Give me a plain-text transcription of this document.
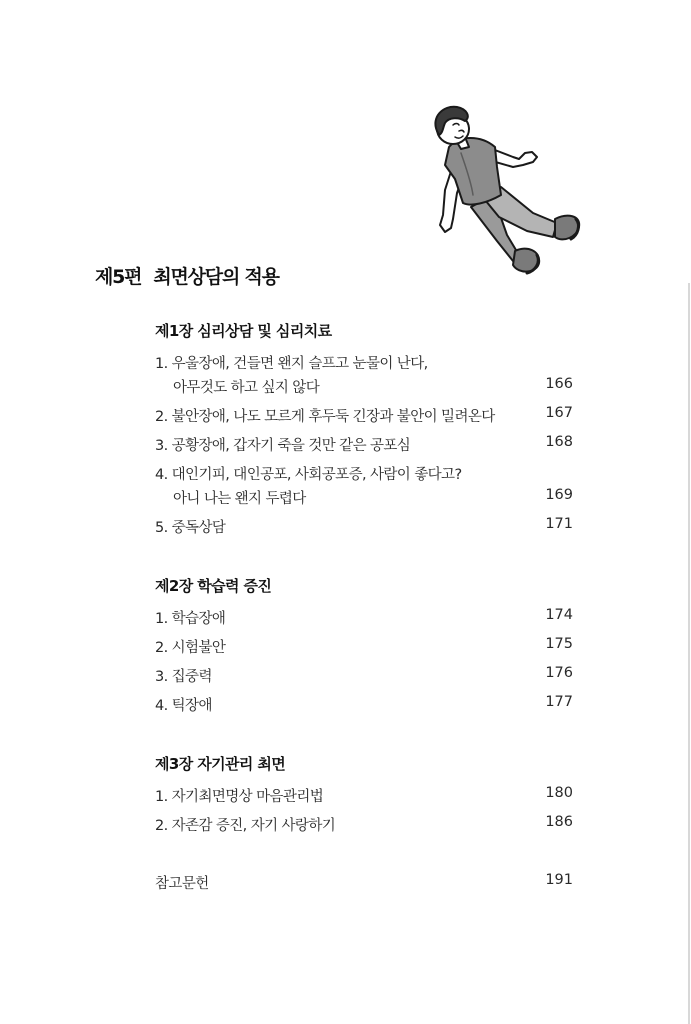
제5편 최면상담의 적용
제1장 심리상담 및 심리치료
1. 우울장애, 건들면 왠지 슬프고 눈물이 난다,
아무것도 하고 싶지 않다	166
2. 불안장애, 나도 모르게 후두둑 긴장과 불안이 밀려온다	167
3. 공황장애, 갑자기 죽을 것만 같은 공포심	168
4. 대인기피, 대인공포, 사회공포증, 사람이 좋다고?
아니 나는 왠지 두렵다	169
5. 중독상담	171
제2장 학습력 증진
1. 학습장애	174
2. 시험불안	175
3. 집중력	176
4. 틱장애	177
제3장 자기관리 최면
1. 자기최면명상 마음관리법	180
2. 자존감 증진, 자기 사랑하기	186
참고문헌	191
